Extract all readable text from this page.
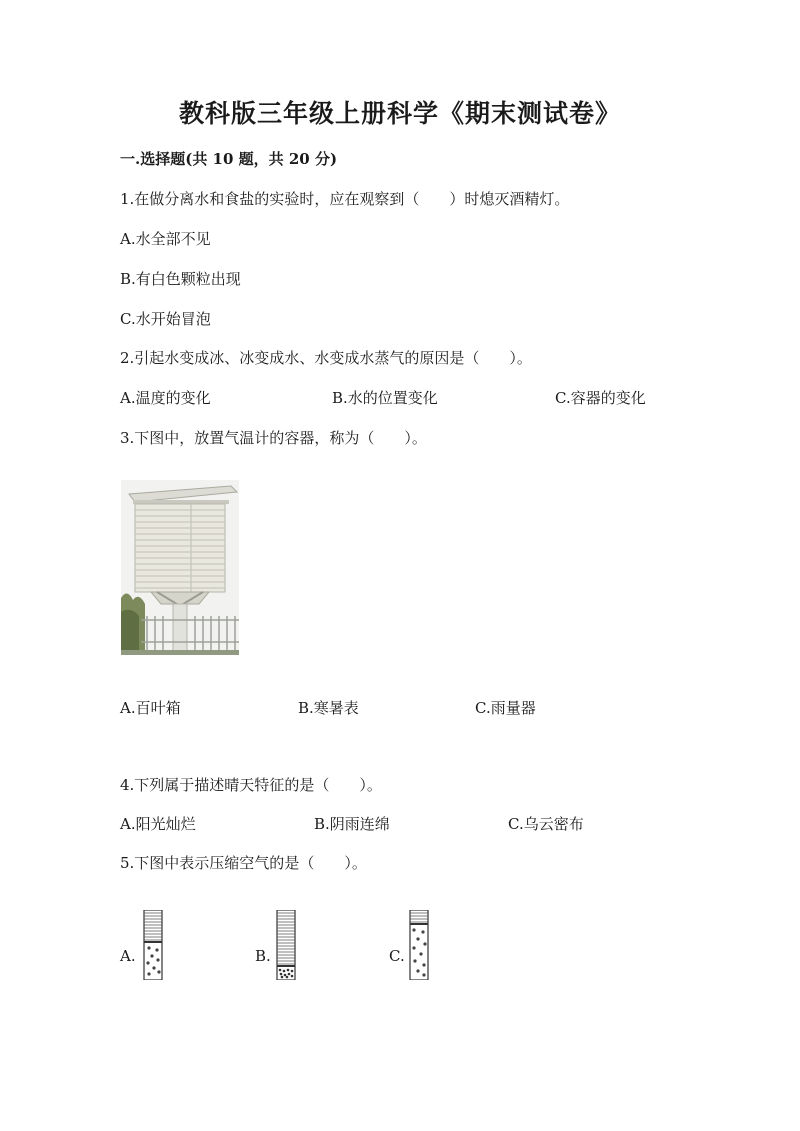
教科版三年级上册科学《期末测试卷》
一.选择题(共 10 题，共 20 分)
1.在做分离水和食盐的实验时，应在观察到（　　）时熄灭酒精灯。
A.水全部不见
B.有白色颗粒出现
C.水开始冒泡
2.引起水变成冰、冰变成水、水变成水蒸气的原因是（　　）。
A.温度的变化	B.水的位置变化	C.容器的变化
3.下图中，放置气温计的容器，称为（　　）。
A.百叶箱	B.寒暑表	C.雨量器
4.下列属于描述晴天特征的是（　　）。
A.阳光灿烂	B.阴雨连绵	C.乌云密布
5.下图中表示压缩空气的是（　　）。
A.	B.	C.
